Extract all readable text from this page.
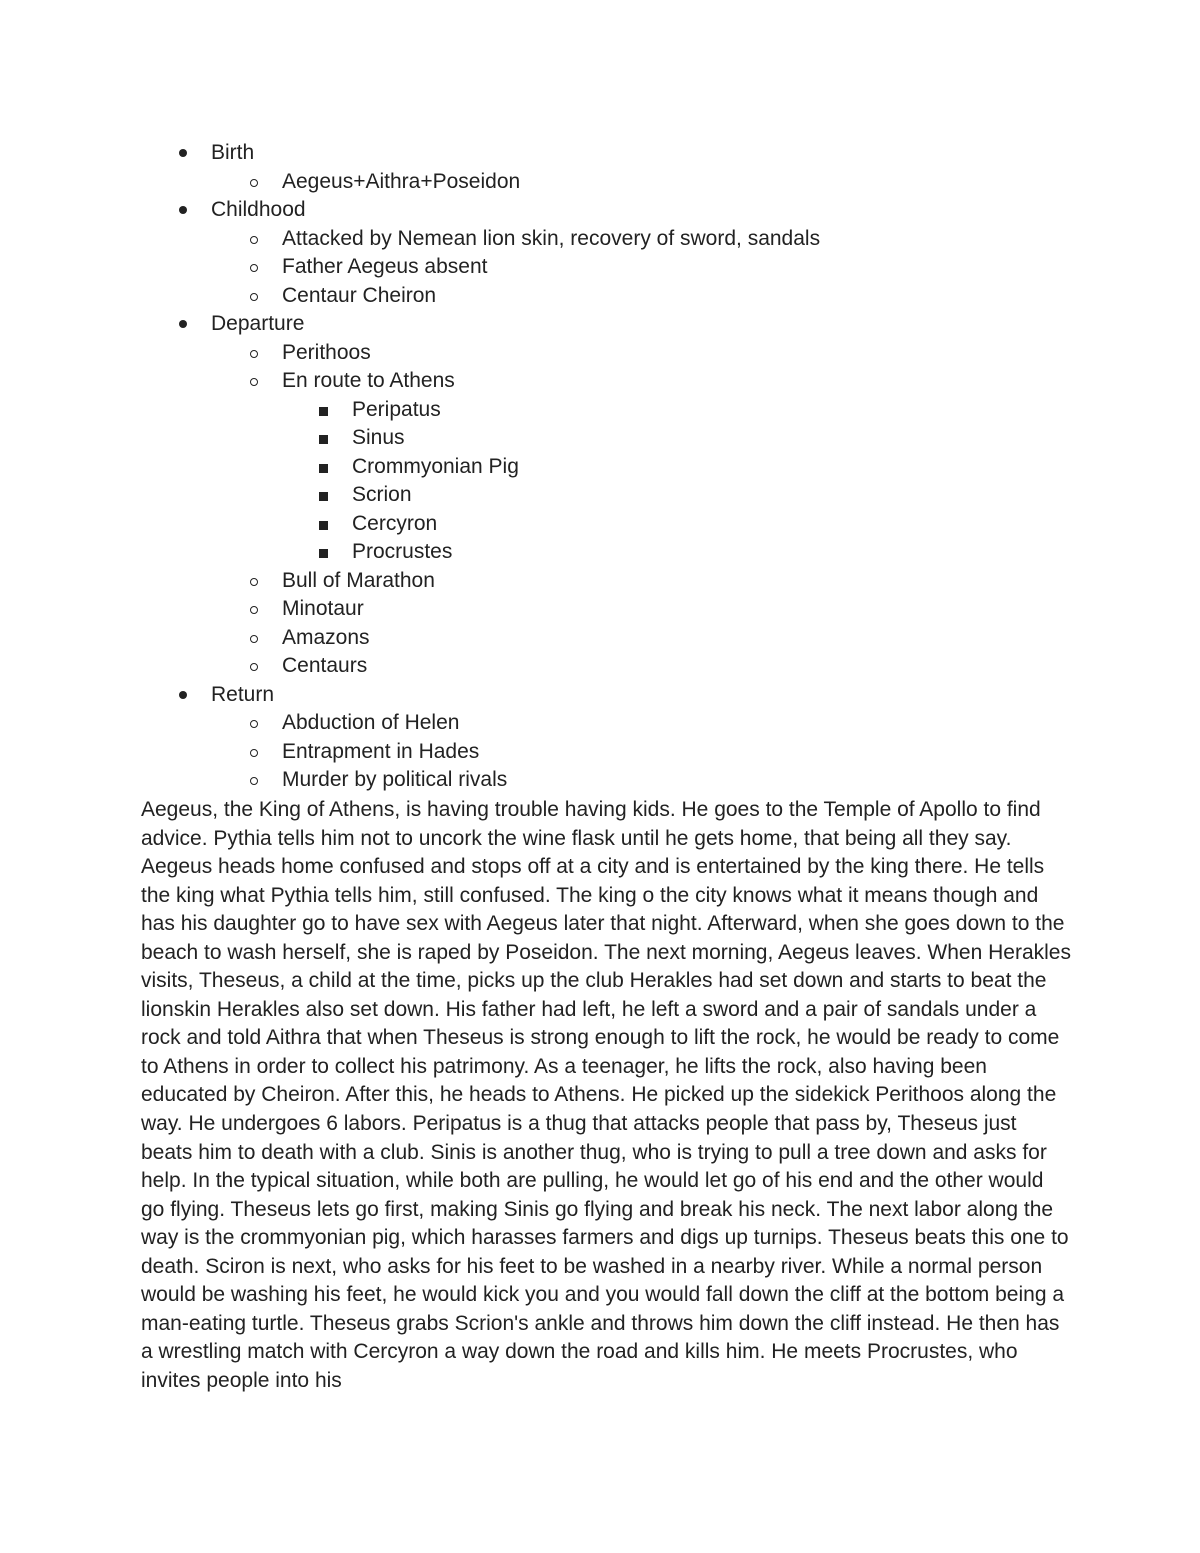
Birth
Aegeus+Aithra+Poseidon
Childhood
Attacked by Nemean lion skin, recovery of sword, sandals
Father Aegeus absent
Centaur Cheiron
Departure
Perithoos
En route to Athens
Peripatus
Sinus
Crommyonian Pig
Scrion
Cercyron
Procrustes
Bull of Marathon
Minotaur
Amazons
Centaurs
Return
Abduction of Helen
Entrapment in Hades
Murder by political rivals

Aegeus, the King of Athens, is having trouble having kids. He goes to the Temple of Apollo to find advice. Pythia tells him not to uncork the wine flask until he gets home, that being all they say. Aegeus heads home confused and stops off at a city and is entertained by the king there. He tells the king what Pythia tells him, still confused. The king o the city knows what it means though and has his daughter go to have sex with Aegeus later that night. Afterward, when she goes down to the beach to wash herself, she is raped by Poseidon. The next morning, Aegeus leaves. When Herakles visits, Theseus, a child at the time, picks up the club Herakles had set down and starts to beat the lionskin Herakles also set down. His father had left, he left a sword and a pair of sandals under a rock and told Aithra that when Theseus is strong enough to lift the rock, he would be ready to come to Athens in order to collect his patrimony. As a teenager, he lifts the rock, also having been educated by Cheiron. After this, he heads to Athens. He picked up the sidekick Perithoos along the way. He undergoes 6 labors. Peripatus is a thug that attacks people that pass by, Theseus just beats him to death with a club. Sinis is another thug, who is trying to pull a tree down and asks for help. In the typical situation, while both are pulling, he would let go of his end and the other would go flying. Theseus lets go first, making Sinis go flying and break his neck. The next labor along the way is the crommyonian pig, which harasses farmers and digs up turnips. Theseus beats this one to death. Sciron is next, who asks for his feet to be washed in a nearby river. While a normal person would be washing his feet, he would kick you and you would fall down the cliff at the bottom being a man-eating turtle. Theseus grabs Scrion's ankle and throws him down the cliff instead. He then has a wrestling match with Cercyron a way down the road and kills him. He meets Procrustes, who invites people into his
